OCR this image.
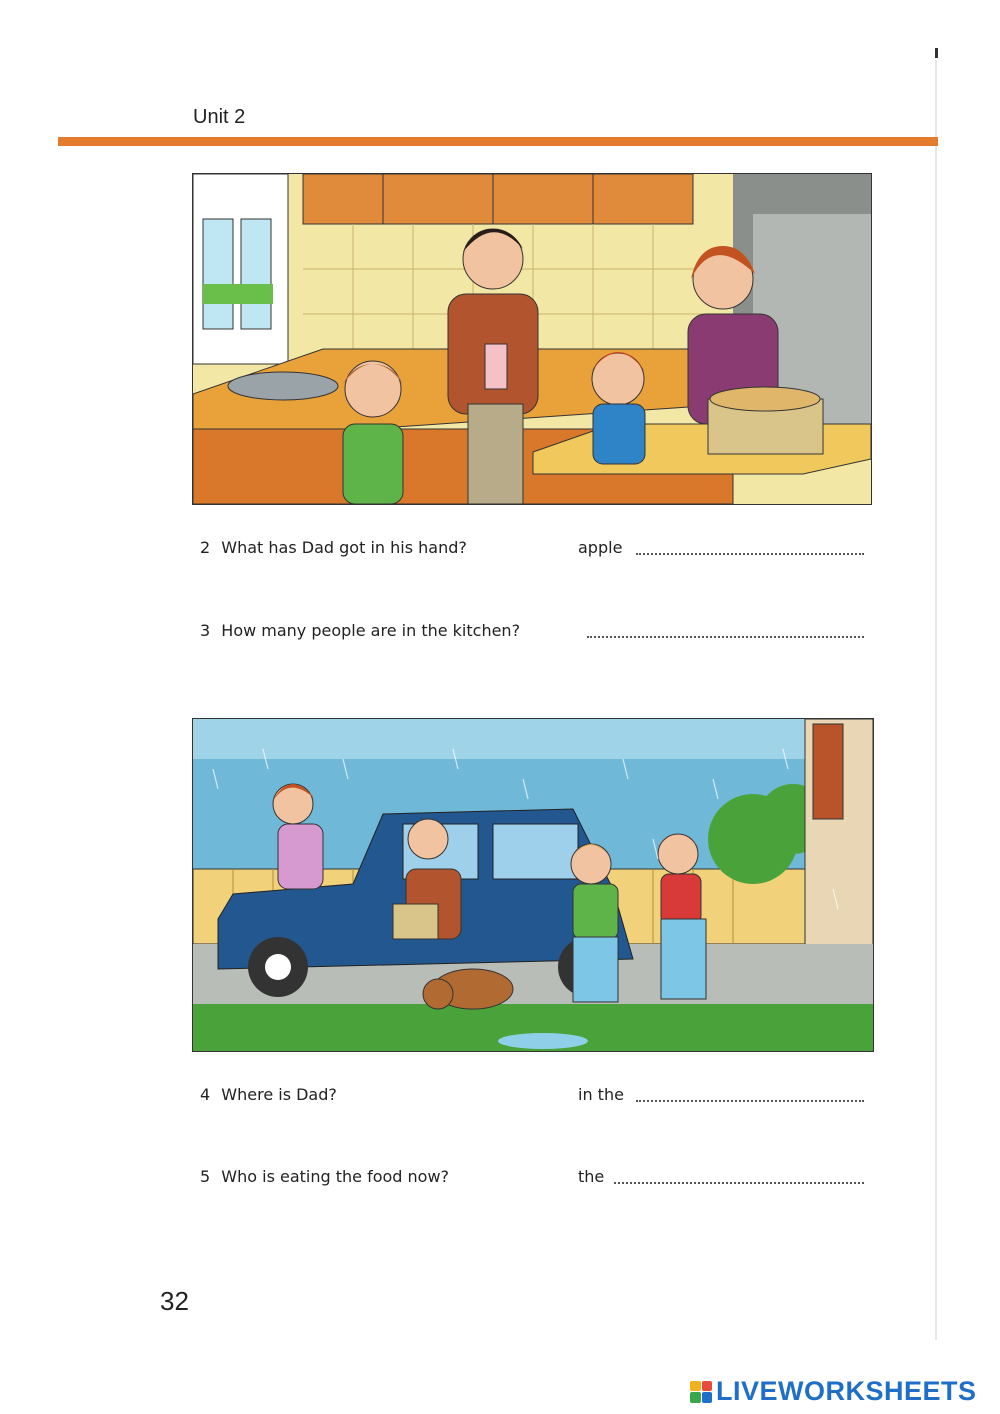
Unit 2
2 What has Dad got in his hand?	apple
3 How many people are in the kitchen?
4 Where is Dad?	in the
5 Who is eating the food now?	the
32
LIVEWORKSHEETS
